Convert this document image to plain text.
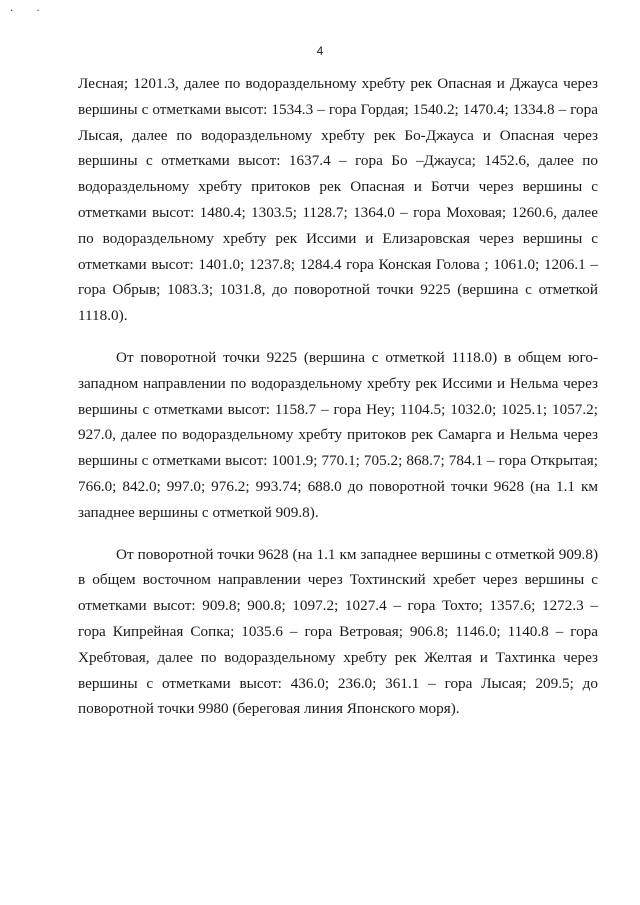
· ·
4

Лесная; 1201.3, далее по водораздельному хребту рек Опасная и Джауса через вершины с отметками высот: 1534.3 – гора Гордая; 1540.2; 1470.4; 1334.8 – гора Лысая, далее по водораздельному хребту рек Бо-Джауса и Опасная через вершины с отметками высот: 1637.4 – гора Бо –Джауса; 1452.6, далее по водораздельному хребту притоков рек Опасная и Ботчи через вершины с отметками высот: 1480.4; 1303.5; 1128.7; 1364.0 – гора Моховая; 1260.6, далее по водораздельному хребту рек Иссими и Елизаровская через вершины с отметками высот: 1401.0; 1237.8; 1284.4 гора Конская Голова ; 1061.0; 1206.1 – гора Обрыв; 1083.3; 1031.8, до поворотной точки 9225 (вершина с отметкой 1118.0).

От поворотной точки 9225 (вершина с отметкой 1118.0) в общем юго-западном направлении по водораздельному хребту рек Иссими и Нельма через вершины с отметками высот: 1158.7 – гора Неу; 1104.5; 1032.0; 1025.1; 1057.2; 927.0, далее по водораздельному хребту притоков рек Самарга и Нельма через вершины с отметками высот: 1001.9; 770.1; 705.2; 868.7; 784.1 – гора Открытая; 766.0; 842.0; 997.0; 976.2; 993.74; 688.0 до поворотной точки 9628 (на 1.1 км западнее вершины с отметкой 909.8).

От поворотной точки 9628 (на 1.1 км западнее вершины с отметкой 909.8) в общем восточном направлении через Тохтинский хребет через вершины с отметками высот: 909.8; 900.8; 1097.2; 1027.4 – гора Тохто; 1357.6; 1272.3 – гора Кипрейная Сопка; 1035.6 – гора Ветровая; 906.8; 1146.0; 1140.8 – гора Хребтовая, далее по водораздельному хребту рек Желтая и Тахтинка через вершины с отметками высот: 436.0; 236.0; 361.1 – гора Лысая; 209.5; до поворотной точки 9980 (береговая линия Японского моря).
